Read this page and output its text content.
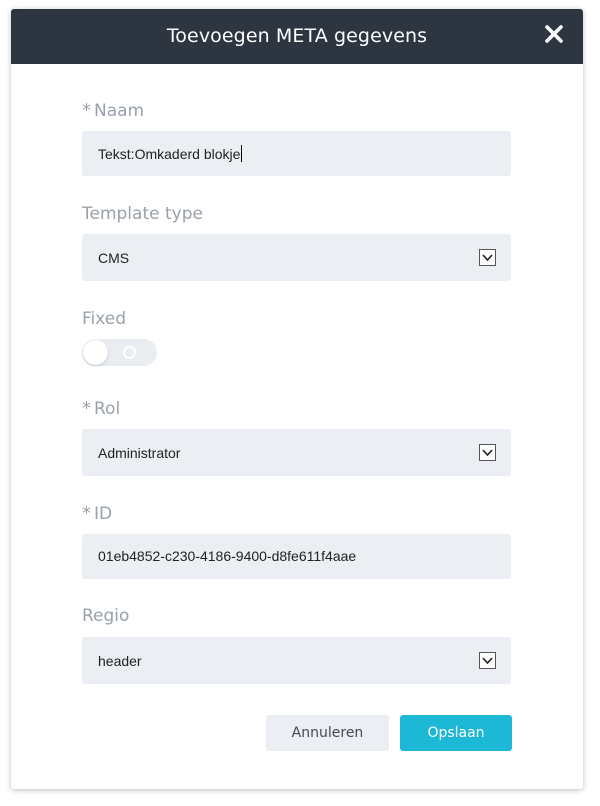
Toevoegen META gegevens
* Naam
Tekst:Omkaderd blokje
Template type
CMS
Fixed
* Rol
Administrator
* ID
01eb4852-c230-4186-9400-d8fe611f4aae
Regio
header
Annuleren	Opslaan
